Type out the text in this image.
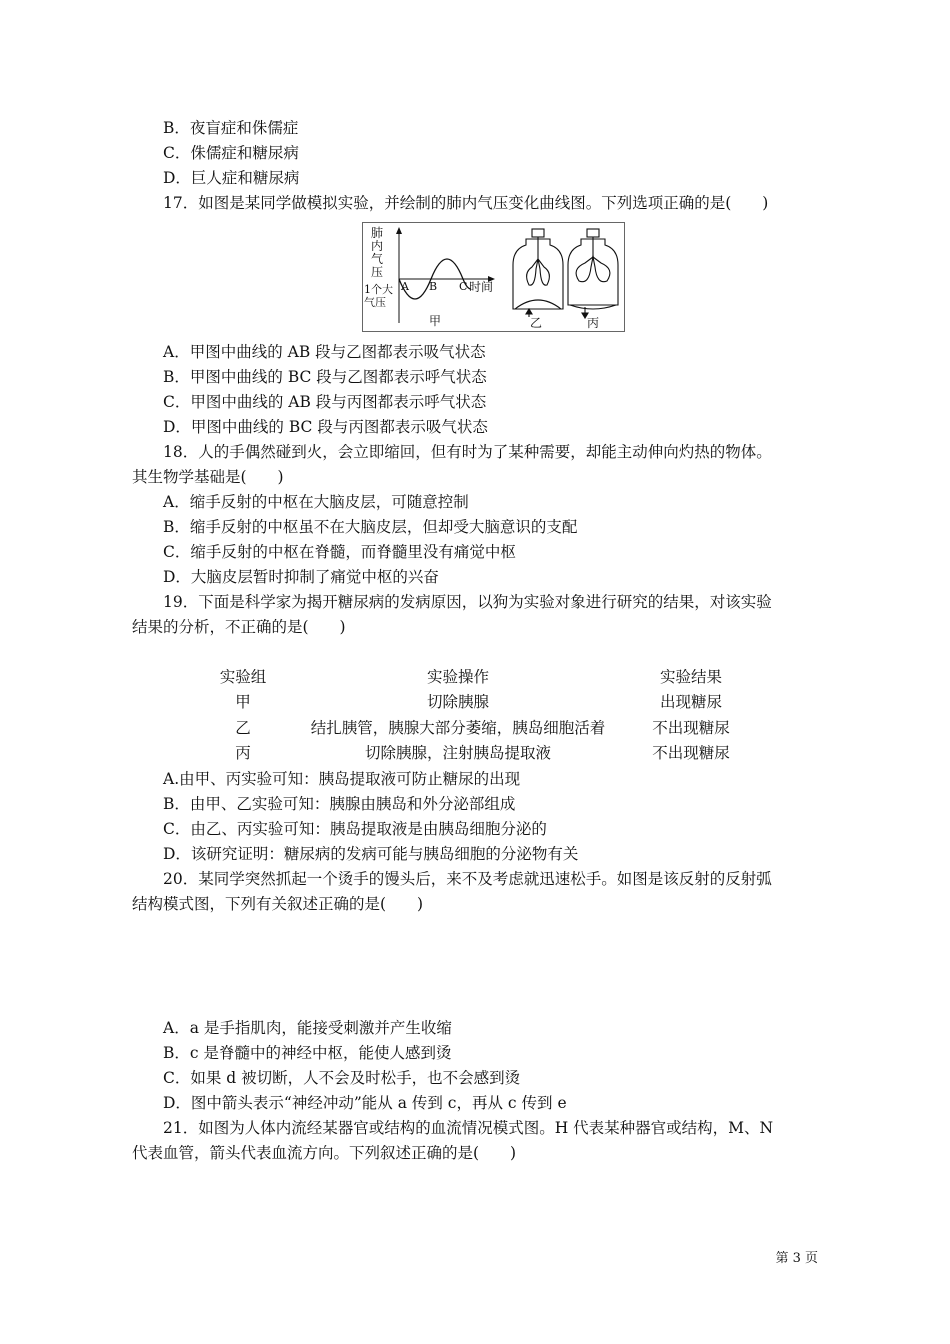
B．夜盲症和侏儒症
C．侏儒症和糖尿病
D．巨人症和糖尿病
17．如图是某同学做模拟实验，并绘制的肺内气压变化曲线图。下列选项正确的是(　　)
肺
内
气
压
1个大
气压
A B C 时间
甲	乙	丙
A．甲图中曲线的 AB 段与乙图都表示吸气状态
B．甲图中曲线的 BC 段与乙图都表示呼气状态
C．甲图中曲线的 AB 段与丙图都表示呼气状态
D．甲图中曲线的 BC 段与丙图都表示吸气状态
18．人的手偶然碰到火，会立即缩回，但有时为了某种需要，却能主动伸向灼热的物体。
其生物学基础是(　　)
A．缩手反射的中枢在大脑皮层，可随意控制
B．缩手反射的中枢虽不在大脑皮层，但却受大脑意识的支配
C．缩手反射的中枢在脊髓，而脊髓里没有痛觉中枢
D．大脑皮层暂时抑制了痛觉中枢的兴奋
19．下面是科学家为揭开糖尿病的发病原因，以狗为实验对象进行研究的结果，对该实验
结果的分析，不正确的是(　　)
实验组	实验操作	实验结果
甲	切除胰腺	出现糖尿
乙	结扎胰管，胰腺大部分萎缩，胰岛细胞活着	不出现糖尿
丙	切除胰腺，注射胰岛提取液	不出现糖尿
A.由甲、丙实验可知：胰岛提取液可防止糖尿的出现
B．由甲、乙实验可知：胰腺由胰岛和外分泌部组成
C．由乙、丙实验可知：胰岛提取液是由胰岛细胞分泌的
D．该研究证明：糖尿病的发病可能与胰岛细胞的分泌物有关
20．某同学突然抓起一个烫手的馒头后，来不及考虑就迅速松手。如图是该反射的反射弧
结构模式图，下列有关叙述正确的是(　　)
A．a 是手指肌肉，能接受刺激并产生收缩
B．c 是脊髓中的神经中枢，能使人感到烫
C．如果 d 被切断，人不会及时松手，也不会感到烫
D．图中箭头表示“神经冲动”能从 a 传到 c，再从 c 传到 e
21．如图为人体内流经某器官或结构的血流情况模式图。H 代表某种器官或结构，M、N
代表血管，箭头代表血流方向。下列叙述正确的是(　　)
第 3 页
